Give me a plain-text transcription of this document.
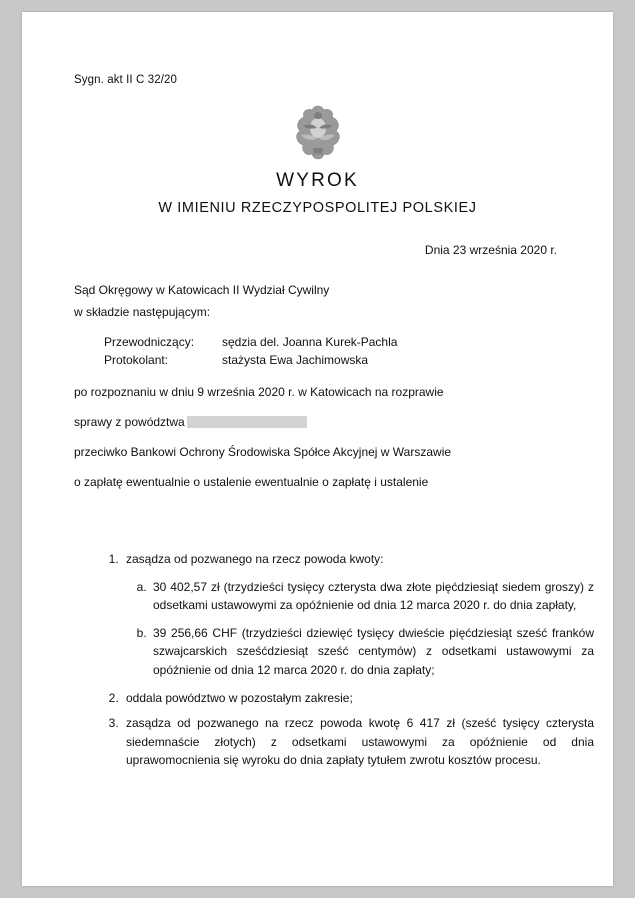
Sygn. akt II C 32/20
WYROK
W IMIENIU RZECZYPOSPOLITEJ POLSKIEJ
Dnia 23 września 2020 r.

Sąd Okręgowy w Katowicach II Wydział Cywilny

w składzie następującym:

Przewodniczący:	sędzia del. Joanna Kurek-Pachla
Protokolant:	stażysta Ewa Jachimowska

po rozpoznaniu w dniu 9 września 2020 r. w Katowicach na rozprawie

sprawy z powództwa

przeciwko Bankowi Ochrony Środowiska Spółce Akcyjnej w Warszawie

o zapłatę ewentualnie o ustalenie ewentualnie o zapłatę i ustalenie

1. zasądza od pozwanego na rzecz powoda kwoty:
a. 30 402,57 zł (trzydzieści tysięcy czterysta dwa złote pięćdziesiąt siedem groszy) z odsetkami ustawowymi za opóźnienie od dnia 12 marca 2020 r. do dnia zapłaty,
b. 39 256,66 CHF (trzydzieści dziewięć tysięcy dwieście pięćdziesiąt sześć franków szwajcarskich sześćdziesiąt sześć centymów) z odsetkami ustawowymi za opóźnienie od dnia 12 marca 2020 r. do dnia zapłaty;
2. oddala powództwo w pozostałym zakresie;
3. zasądza od pozwanego na rzecz powoda kwotę 6 417 zł (sześć tysięcy czterysta siedemnaście złotych) z odsetkami ustawowymi za opóźnienie od dnia uprawomocnienia się wyroku do dnia zapłaty tytułem zwrotu kosztów procesu.
